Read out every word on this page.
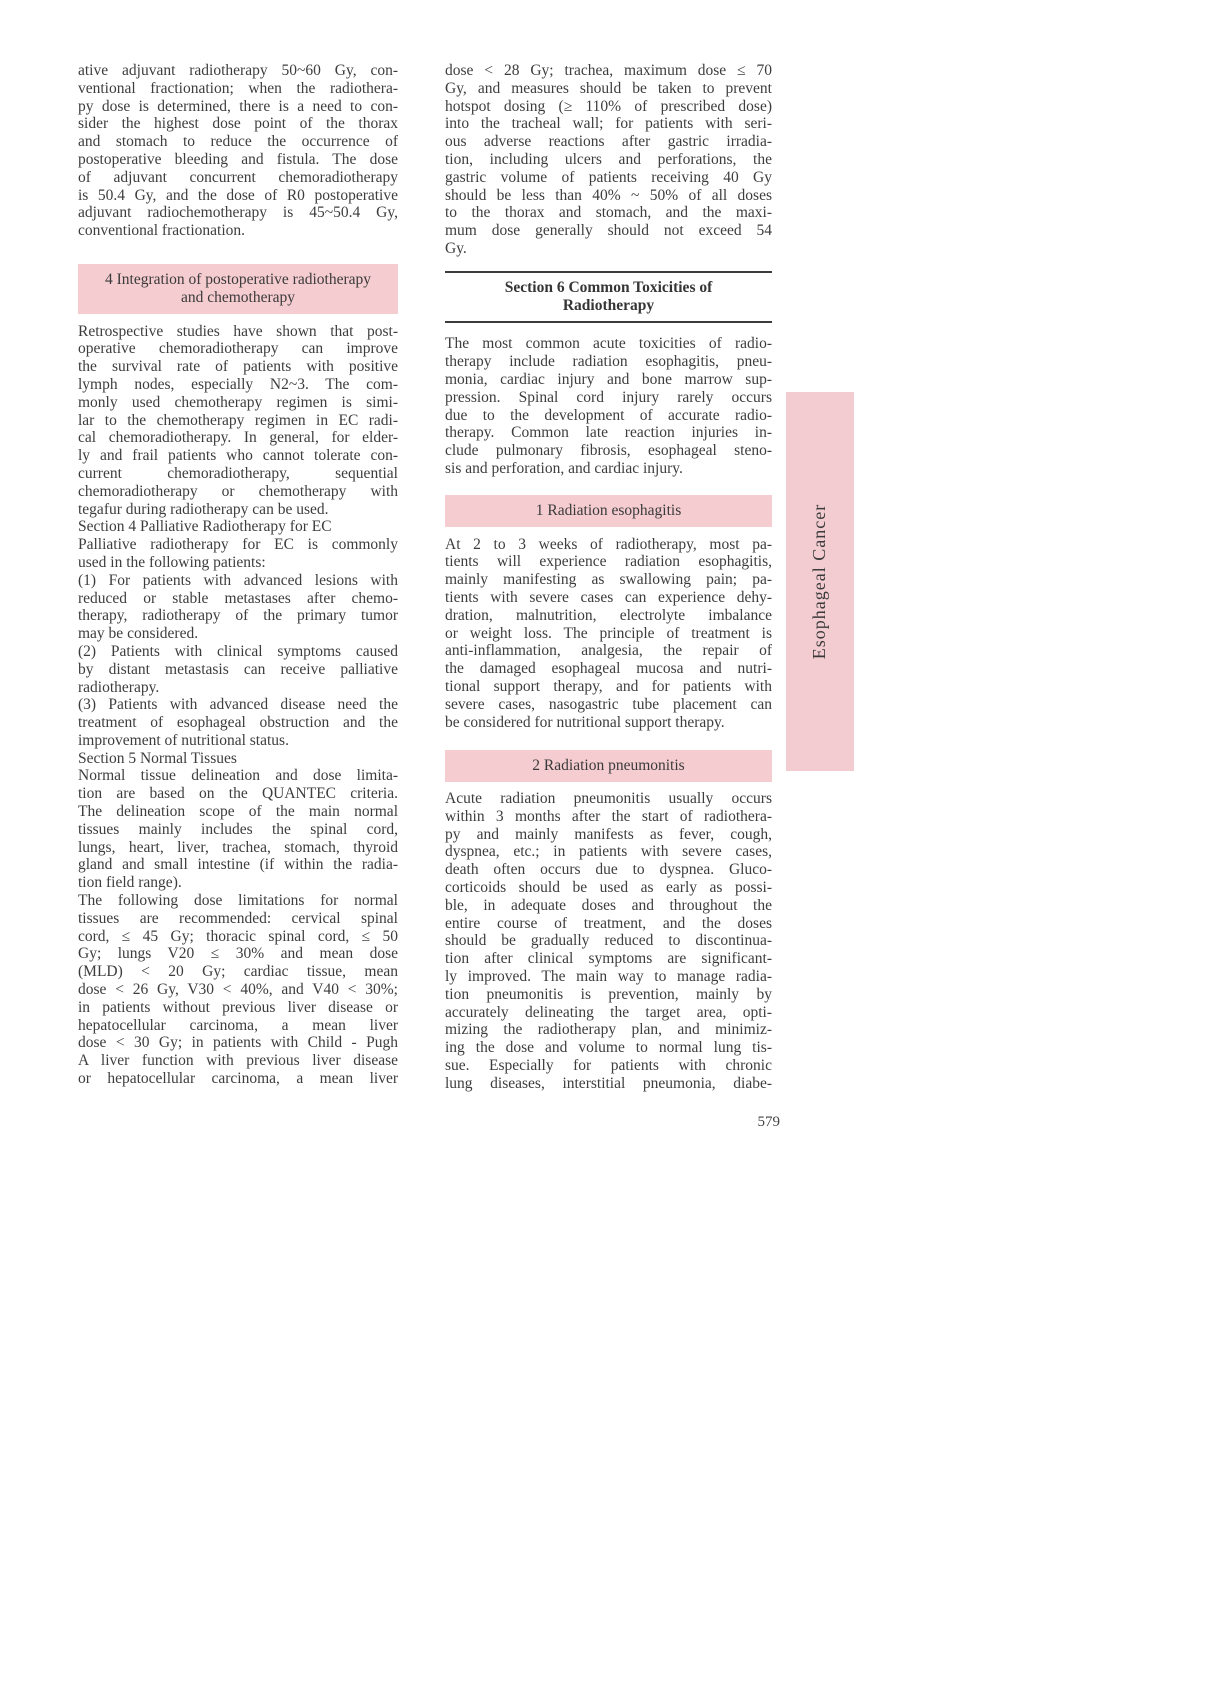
ative adjuvant radiotherapy 50~60 Gy, con-
ventional fractionation; when the radiothera-
py dose is determined, there is a need to con-
sider the highest dose point of the thorax
and stomach to reduce the occurrence of
postoperative bleeding and fistula. The dose
of adjuvant concurrent chemoradiotherapy
is 50.4 Gy, and the dose of R0 postoperative
adjuvant radiochemotherapy is 45~50.4 Gy,
conventional fractionation.
4 Integration of postoperative radiotherapy
and chemotherapy
Retrospective studies have shown that post-
operative chemoradiotherapy can improve
the survival rate of patients with positive
lymph nodes, especially N2~3. The com-
monly used chemotherapy regimen is simi-
lar to the chemotherapy regimen in EC radi-
cal chemoradiotherapy. In general, for elder-
ly and frail patients who cannot tolerate con-
current chemoradiotherapy, sequential
chemoradiotherapy or chemotherapy with
tegafur during radiotherapy can be used.
Section 4 Palliative Radiotherapy for EC
Palliative radiotherapy for EC is commonly
used in the following patients:
(1) For patients with advanced lesions with
reduced or stable metastases after chemo-
therapy, radiotherapy of the primary tumor
may be considered.
(2) Patients with clinical symptoms caused
by distant metastasis can receive palliative
radiotherapy.
(3) Patients with advanced disease need the
treatment of esophageal obstruction and the
improvement of nutritional status.
Section 5 Normal Tissues
Normal tissue delineation and dose limita-
tion are based on the QUANTEC criteria.
The delineation scope of the main normal
tissues mainly includes the spinal cord,
lungs, heart, liver, trachea, stomach, thyroid
gland and small intestine (if within the radia-
tion field range).
The following dose limitations for normal
tissues are recommended: cervical spinal
cord, ≤ 45 Gy; thoracic spinal cord, ≤ 50
Gy; lungs V20 ≤ 30% and mean dose
(MLD) < 20 Gy; cardiac tissue, mean
dose < 26 Gy, V30 < 40%, and V40 < 30%;
in patients without previous liver disease or
hepatocellular carcinoma, a mean liver
dose < 30 Gy; in patients with Child - Pugh
A liver function with previous liver disease
or hepatocellular carcinoma, a mean liver
dose < 28 Gy; trachea, maximum dose ≤ 70
Gy, and measures should be taken to prevent
hotspot dosing (≥ 110% of prescribed dose)
into the tracheal wall; for patients with seri-
ous adverse reactions after gastric irradia-
tion, including ulcers and perforations, the
gastric volume of patients receiving 40 Gy
should be less than 40% ~ 50% of all doses
to the thorax and stomach, and the maxi-
mum dose generally should not exceed 54
Gy.
Section 6 Common Toxicities of
Radiotherapy
The most common acute toxicities of radio-
therapy include radiation esophagitis, pneu-
monia, cardiac injury and bone marrow sup-
pression. Spinal cord injury rarely occurs
due to the development of accurate radio-
therapy. Common late reaction injuries in-
clude pulmonary fibrosis, esophageal steno-
sis and perforation, and cardiac injury.
1 Radiation esophagitis
At 2 to 3 weeks of radiotherapy, most pa-
tients will experience radiation esophagitis,
mainly manifesting as swallowing pain; pa-
tients with severe cases can experience dehy-
dration, malnutrition, electrolyte imbalance
or weight loss. The principle of treatment is
anti-inflammation, analgesia, the repair of
the damaged esophageal mucosa and nutri-
tional support therapy, and for patients with
severe cases, nasogastric tube placement can
be considered for nutritional support therapy.
2 Radiation pneumonitis
Acute radiation pneumonitis usually occurs
within 3 months after the start of radiothera-
py and mainly manifests as fever, cough,
dyspnea, etc.; in patients with severe cases,
death often occurs due to dyspnea. Gluco-
corticoids should be used as early as possi-
ble, in adequate doses and throughout the
entire course of treatment, and the doses
should be gradually reduced to discontinua-
tion after clinical symptoms are significant-
ly improved. The main way to manage radia-
tion pneumonitis is prevention, mainly by
accurately delineating the target area, opti-
mizing the radiotherapy plan, and minimiz-
ing the dose and volume to normal lung tis-
sue. Especially for patients with chronic
lung diseases, interstitial pneumonia, diabe-
Esophageal Cancer
579
